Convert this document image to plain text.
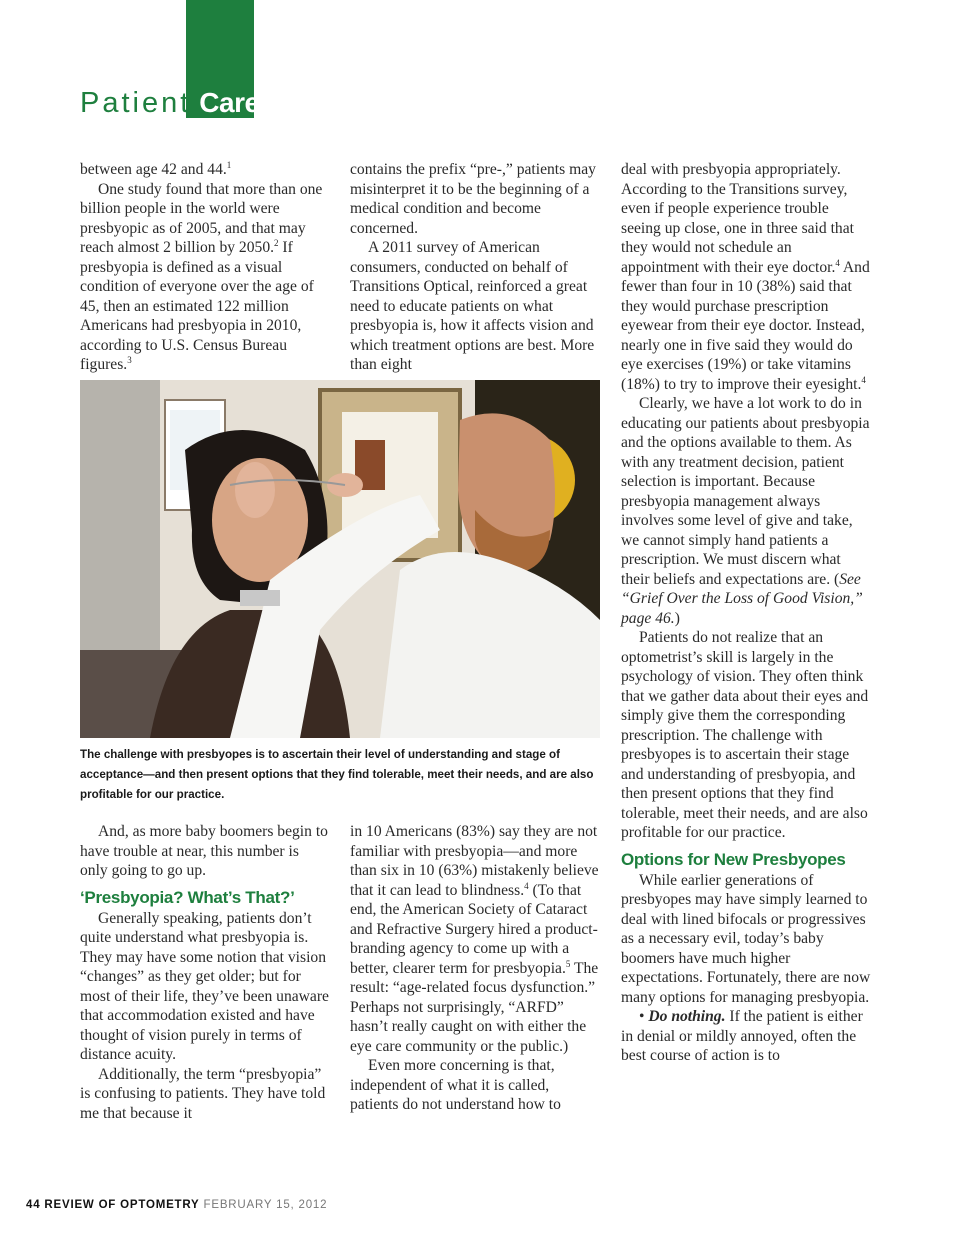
Patient Care

between age 42 and 44.$^1$

One study found that more than one billion people in the world were presbyopic as of 2005, and that may reach almost 2 billion by 2050.$^2$ If presbyopia is defined as a visual condition of everyone over the age of 45, then an estimated 122 million Americans had presbyopia in 2010, according to U.S. Census Bureau figures.$^3$

contains the prefix “pre-,” patients may misinterpret it to be the beginning of a medical condition and become concerned.

A 2011 survey of American consumers, conducted on behalf of Transitions Optical, reinforced a great need to educate patients on what presbyopia is, how it affects vision and which treatment options are best. More than eight

The challenge with presbyopes is to ascertain their level of understanding and stage of acceptance—and then present options that they find tolerable, meet their needs, and are also profitable for our practice.

And, as more baby boomers begin to have trouble at near, this number is only going to go up.

‘Presbyopia? What’s That?’

Generally speaking, patients don’t quite understand what presbyopia is. They may have some notion that vision “changes” as they get older; but for most of their life, they’ve been unaware that accommodation existed and have thought of vision purely in terms of distance acuity.

Additionally, the term “presbyopia” is confusing to patients. They have told me that because it

in 10 Americans (83%) say they are not familiar with presbyopia—and more than six in 10 (63%) mistakenly believe that it can lead to blindness.$^4$ (To that end, the American Society of Cataract and Refractive Surgery hired a product-branding agency to come up with a better, clearer term for presbyopia.$^5$ The result: “age-related focus dysfunction.” Perhaps not surprisingly, “ARFD” hasn’t really caught on with either the eye care community or the public.)

Even more concerning is that, independent of what it is called, patients do not understand how to

deal with presbyopia appropriately. According to the Transitions survey, even if people experience trouble seeing up close, one in three said that they would not schedule an appointment with their eye doctor.$^4$ And fewer than four in 10 (38%) said that they would purchase prescription eyewear from their eye doctor. Instead, nearly one in five said they would do eye exercises (19%) or take vitamins (18%) to try to improve their eyesight.$^4$

Clearly, we have a lot work to do in educating our patients about presbyopia and the options available to them. As with any treatment decision, patient selection is important. Because presbyopia management always involves some level of give and take, we cannot simply hand patients a prescription. We must discern what their beliefs and expectations are. (See “Grief Over the Loss of Good Vision,” page 46.)

Patients do not realize that an optometrist’s skill is largely in the psychology of vision. They often think that we gather data about their eyes and simply give them the corresponding prescription. The challenge with presbyopes is to ascertain their stage and understanding of presbyopia, and then present options that they find tolerable, meet their needs, and are also profitable for our practice.

Options for New Presbyopes

While earlier generations of presbyopes may have simply learned to deal with lined bifocals or progressives as a necessary evil, today’s baby boomers have much higher expectations. Fortunately, there are now many options for managing presbyopia.

• Do nothing. If the patient is either in denial or mildly annoyed, often the best course of action is to

44 REVIEW OF OPTOMETRY FEBRUARY 15, 2012
